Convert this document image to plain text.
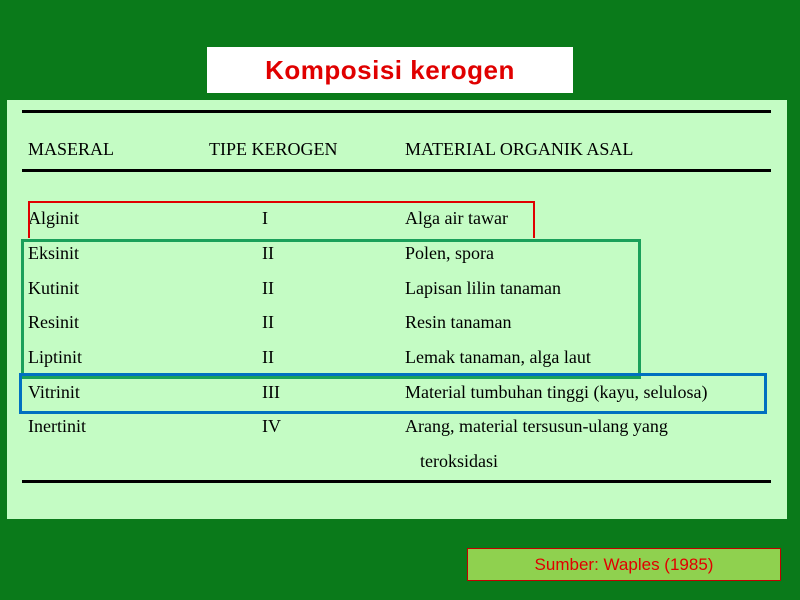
Komposisi kerogen
MASERAL	TIPE KEROGEN	MATERIAL ORGANIK ASAL
Alginit	I	Alga air tawar
Eksinit	II	Polen, spora
Kutinit	II	Lapisan lilin tanaman
Resinit	II	Resin tanaman
Liptinit	II	Lemak tanaman, alga laut
Vitrinit	III	Material tumbuhan tinggi (kayu, selulosa)
Inertinit	IV	Arang, material tersusun-ulang yang
teroksidasi
Sumber: Waples (1985)
